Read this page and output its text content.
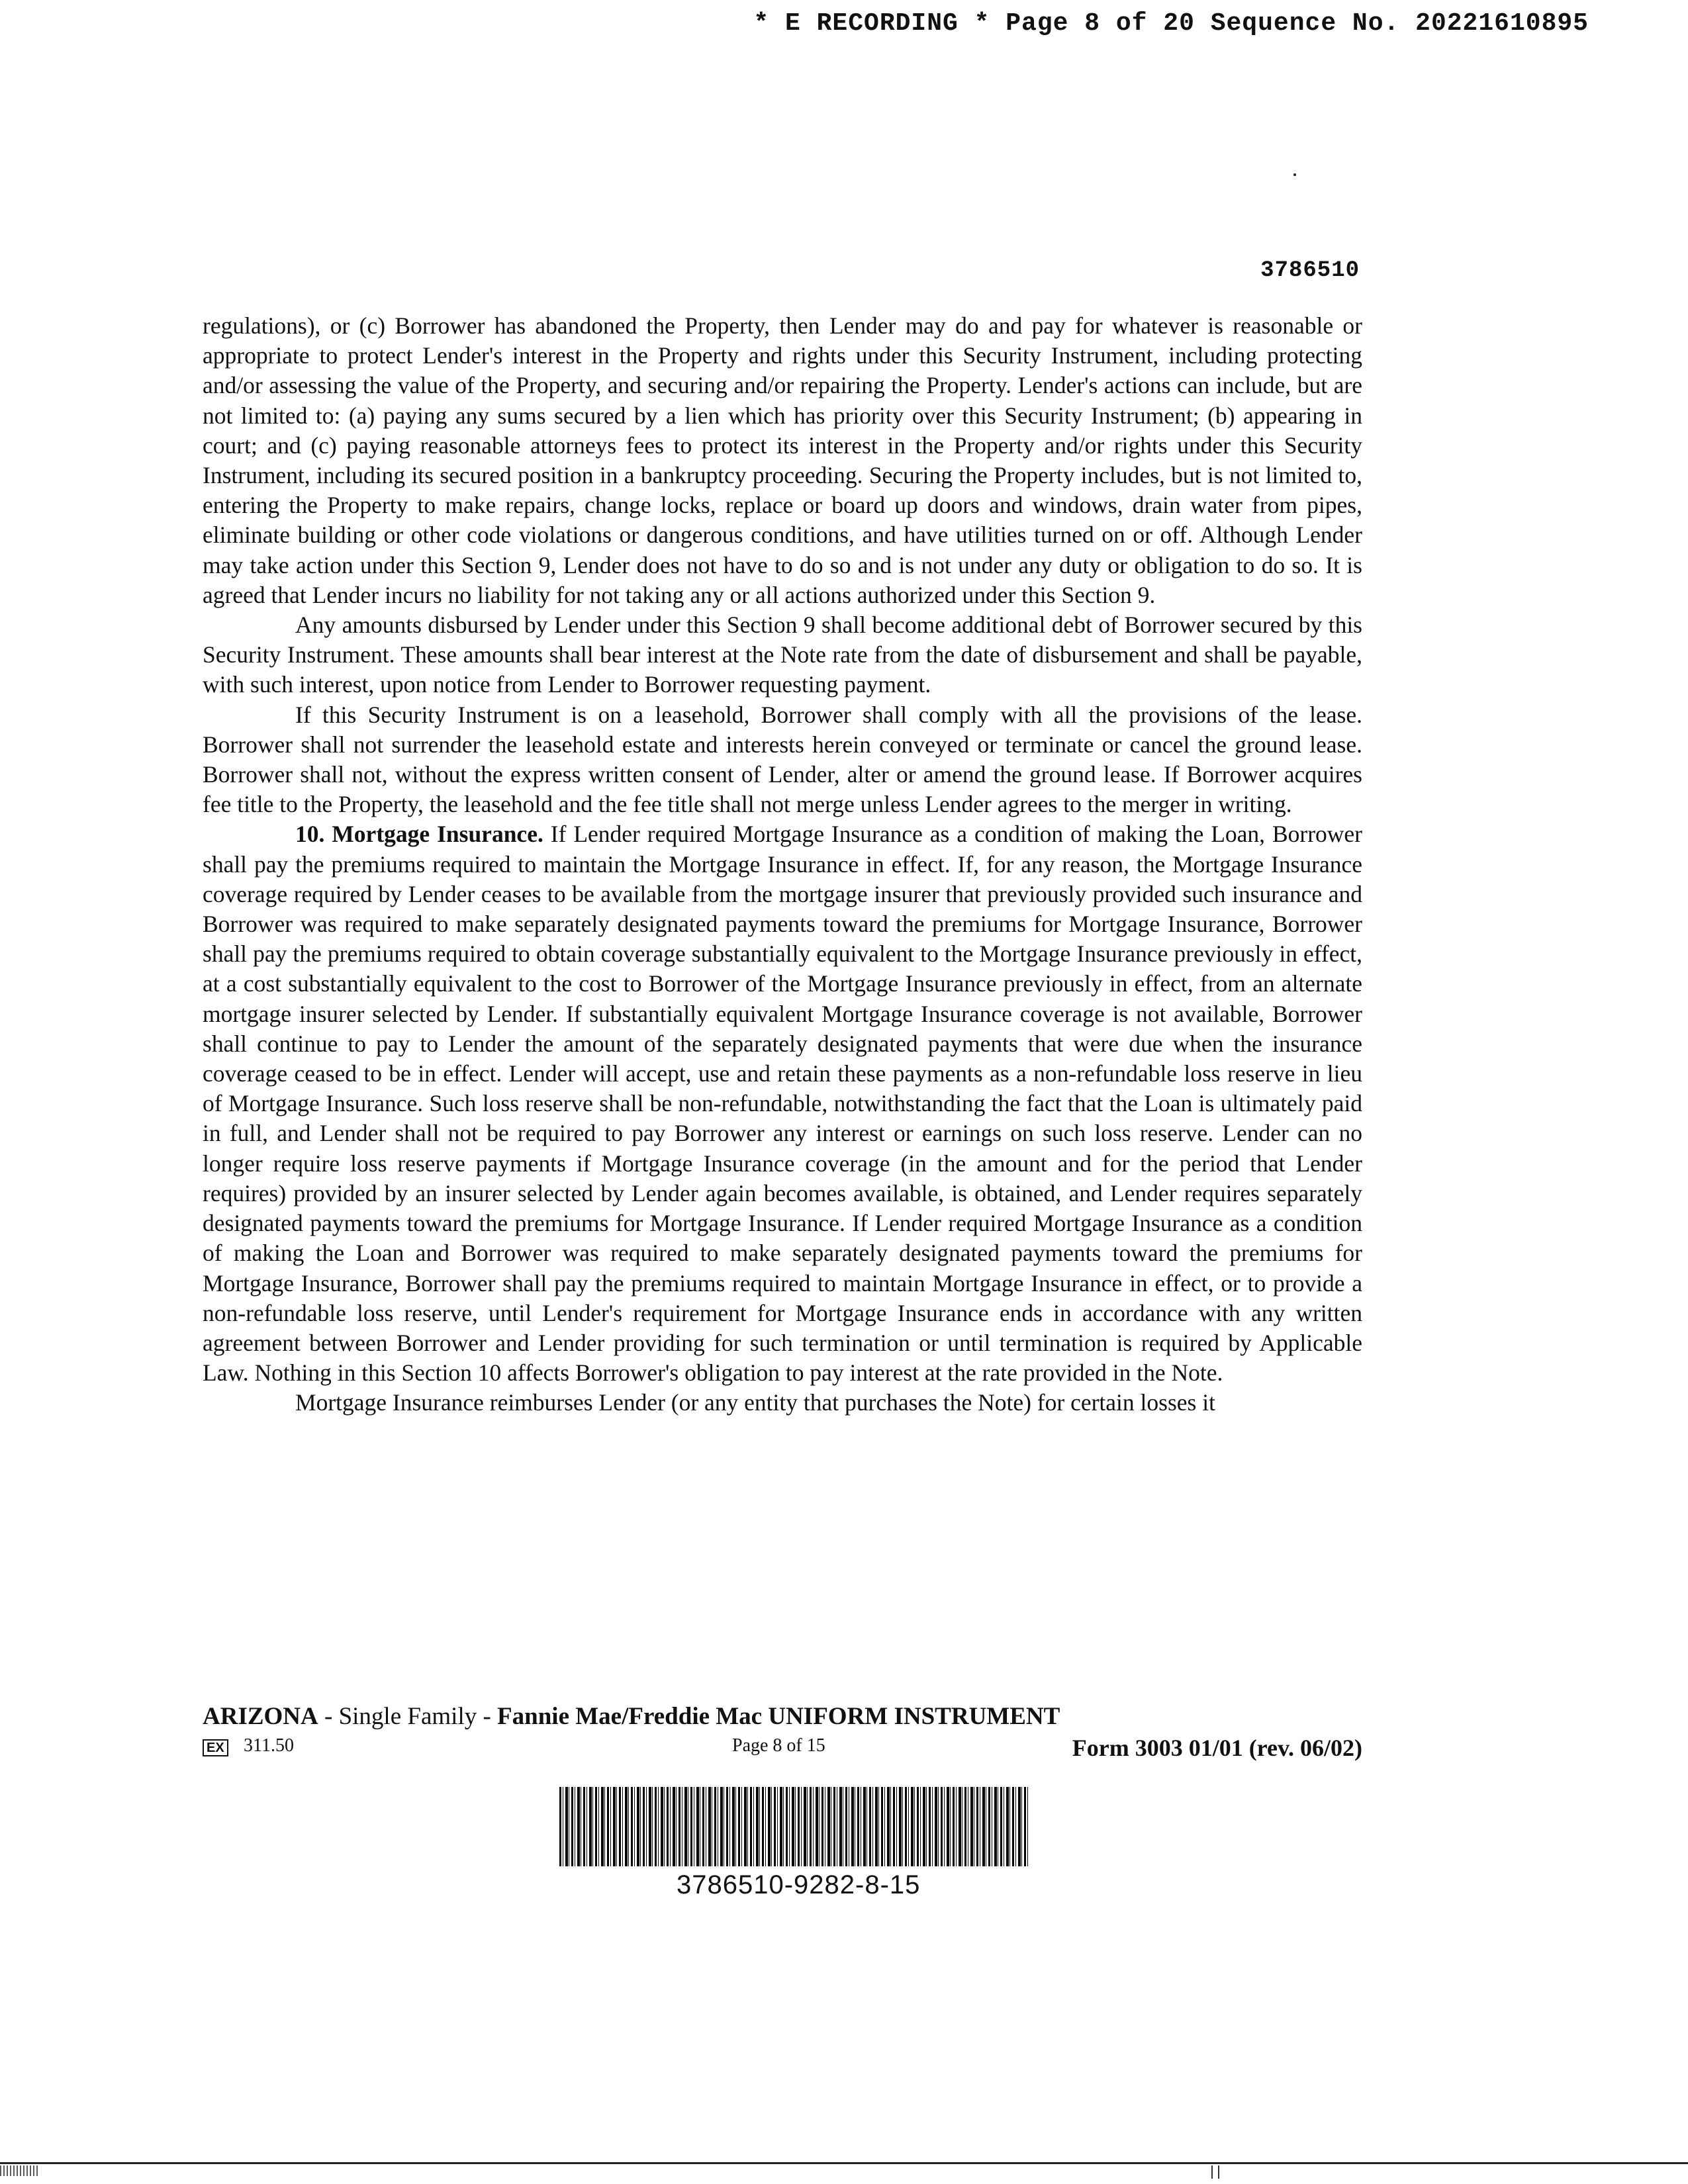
* E RECORDING * Page 8 of 20 Sequence No. 20221610895
3786510

regulations), or (c) Borrower has abandoned the Property, then Lender may do and pay for whatever is reasonable or appropriate to protect Lender's interest in the Property and rights under this Security Instrument, including protecting and/or assessing the value of the Property, and securing and/or repairing the Property. Lender's actions can include, but are not limited to: (a) paying any sums secured by a lien which has priority over this Security Instrument; (b) appearing in court; and (c) paying reasonable attorneys fees to protect its interest in the Property and/or rights under this Security Instrument, including its secured position in a bankruptcy proceeding. Securing the Property includes, but is not limited to, entering the Property to make repairs, change locks, replace or board up doors and windows, drain water from pipes, eliminate building or other code violations or dangerous conditions, and have utilities turned on or off. Although Lender may take action under this Section 9, Lender does not have to do so and is not under any duty or obligation to do so. It is agreed that Lender incurs no liability for not taking any or all actions authorized under this Section 9.

Any amounts disbursed by Lender under this Section 9 shall become additional debt of Borrower secured by this Security Instrument. These amounts shall bear interest at the Note rate from the date of disbursement and shall be payable, with such interest, upon notice from Lender to Borrower requesting payment.

If this Security Instrument is on a leasehold, Borrower shall comply with all the provisions of the lease. Borrower shall not surrender the leasehold estate and interests herein conveyed or terminate or cancel the ground lease. Borrower shall not, without the express written consent of Lender, alter or amend the ground lease. If Borrower acquires fee title to the Property, the leasehold and the fee title shall not merge unless Lender agrees to the merger in writing.

10. Mortgage Insurance. If Lender required Mortgage Insurance as a condition of making the Loan, Borrower shall pay the premiums required to maintain the Mortgage Insurance in effect. If, for any reason, the Mortgage Insurance coverage required by Lender ceases to be available from the mortgage insurer that previously provided such insurance and Borrower was required to make separately designated payments toward the premiums for Mortgage Insurance, Borrower shall pay the premiums required to obtain coverage substantially equivalent to the Mortgage Insurance previously in effect, at a cost substantially equivalent to the cost to Borrower of the Mortgage Insurance previously in effect, from an alternate mortgage insurer selected by Lender. If substantially equivalent Mortgage Insurance coverage is not available, Borrower shall continue to pay to Lender the amount of the separately designated payments that were due when the insurance coverage ceased to be in effect. Lender will accept, use and retain these payments as a non-refundable loss reserve in lieu of Mortgage Insurance. Such loss reserve shall be non-refundable, notwithstanding the fact that the Loan is ultimately paid in full, and Lender shall not be required to pay Borrower any interest or earnings on such loss reserve. Lender can no longer require loss reserve payments if Mortgage Insurance coverage (in the amount and for the period that Lender requires) provided by an insurer selected by Lender again becomes available, is obtained, and Lender requires separately designated payments toward the premiums for Mortgage Insurance. If Lender required Mortgage Insurance as a condition of making the Loan and Borrower was required to make separately designated payments toward the premiums for Mortgage Insurance, Borrower shall pay the premiums required to maintain Mortgage Insurance in effect, or to provide a non-refundable loss reserve, until Lender's requirement for Mortgage Insurance ends in accordance with any written agreement between Borrower and Lender providing for such termination or until termination is required by Applicable Law. Nothing in this Section 10 affects Borrower's obligation to pay interest at the rate provided in the Note.

Mortgage Insurance reimburses Lender (or any entity that purchases the Note) for certain losses it

ARIZONA - Single Family - Fannie Mae/Freddie Mac UNIFORM INSTRUMENT
EX 311.50	Page 8 of 15	Form 3003 01/01 (rev. 06/02)
3786510-9282-8-15
